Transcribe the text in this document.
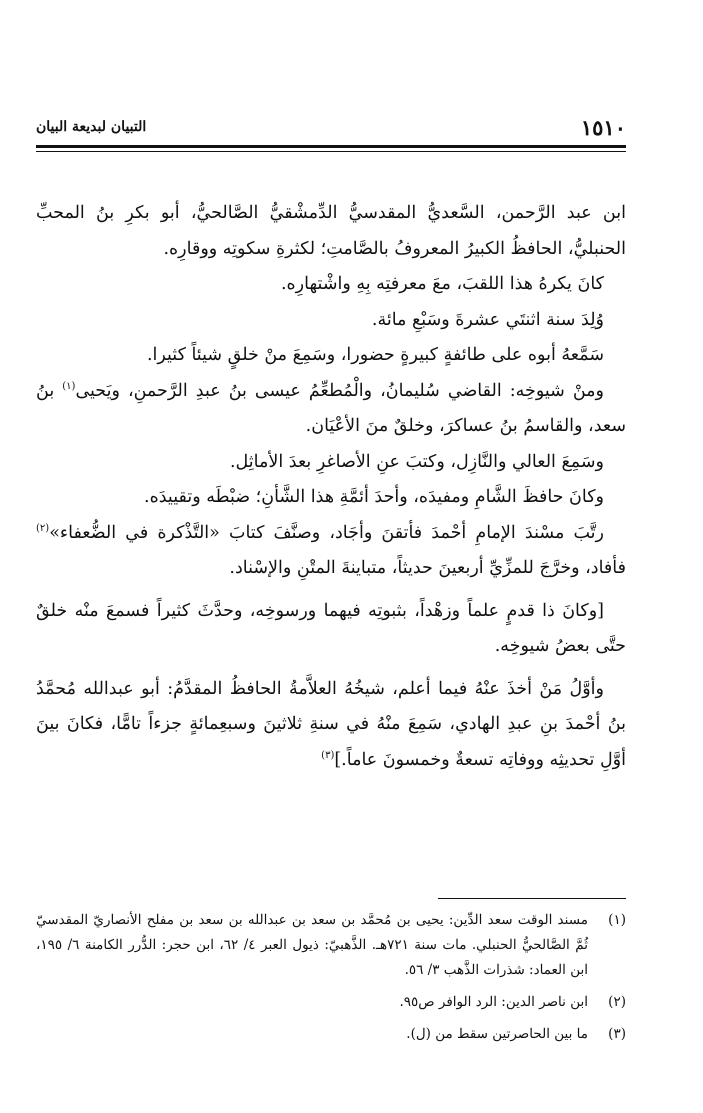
١٥١٠
التبيان لبديعة البيان

ابن عبد الرَّحمن، السَّعديُّ المقدسيُّ الدِّمشْقيُّ الصَّالحيُّ، أبو بكرِ بنُ المحبِّ الحنبليُّ، الحافظُ الكبيرُ المعروفُ بالصَّامتِ؛ لكثرةِ سكوتِه ووقارِه.

كانَ يكرهُ هذا اللقبَ، معَ معرفتِه بِهِ واشْتهارِه.

وُلِدَ سنة اثنتَي عشرةَ وسَبْعِ مائة.

سَمَّعهُ أبوه على طائفةٍ كبيرةٍ حضورا، وسَمِعَ منْ خلقٍ شيئاً كثيرا.

ومنْ شيوخِه: القاضي سُليمانُ، والْمُطعِّمُ عيسى بنُ عبدِ الرَّحمنِ، ويَحيى$^{(١)}$ بنُ سعد، والقاسمُ بنُ عساكرَ، وخلقٌ منَ الأعْيَان.

وسَمِعَ العالي والنَّازِل، وكتبَ عنِ الأصاغرِ بعدَ الأماثِل.

وكانَ حافظَ الشَّامِ ومفيدَه، وأحدَ أئمَّةِ هذا الشَّأنِ؛ ضبْطَه وتقييدَه.

رتَّبَ مسْندَ الإمامِ أحْمدَ فأتقنَ وأجَاد، وصنَّفَ كتابَ «التَّذْكرة في الضُّعفاء»$^{(٢)}$ فأفاد، وخرَّجَ للمزِّيِّ أربعينَ حديثاً، متباينةَ المتْنِ والإسْناد.

[وكانَ ذا قدمٍ علماً وزهْداً، بثبوتِه فيهما ورسوخِه، وحدَّثَ كثيراً فسمعَ منْه خلقٌ حتَّى بعضُ شيوخِه.

وأوَّلُ مَنْ أخذَ عنْهُ فيما أعلم، شيخُهُ العلاَّمةُ الحافظُ المقدَّمُ: أبو عبدالله مُحمَّدُ بنُ أحْمدَ بنِ عبدِ الهادي، سَمِعَ منْهُ في سنةِ ثلاثينَ وسبعِمائةٍ جزءاً تامًّا، فكانَ بينَ أوَّلِ تحديثِه ووفاتِه تسعةٌ وخمسونَ عاماً.]$^{(٣)}$

(١)
مسند الوقت سعد الدِّين: يحيى بن مُحمَّد بن سعد بن عبدالله بن سعد بن مفلح الأنصاريّ المقدسيّ ثُمَّ الصَّالحيُّ الحنبلي. مات سنة ٧٢١هـ. الذَّهبيّ: ذيول العبر ٤/ ٦٢، ابن حجر: الدُّرر الكامنة ٦/ ١٩٥، ابن العماد: شذرات الذَّهب ٣/ ٥٦.
(٢)
ابن ناصر الدين: الرد الوافر ص٩٥.
(٣)
ما بين الحاصرتين سقط من (ل).
